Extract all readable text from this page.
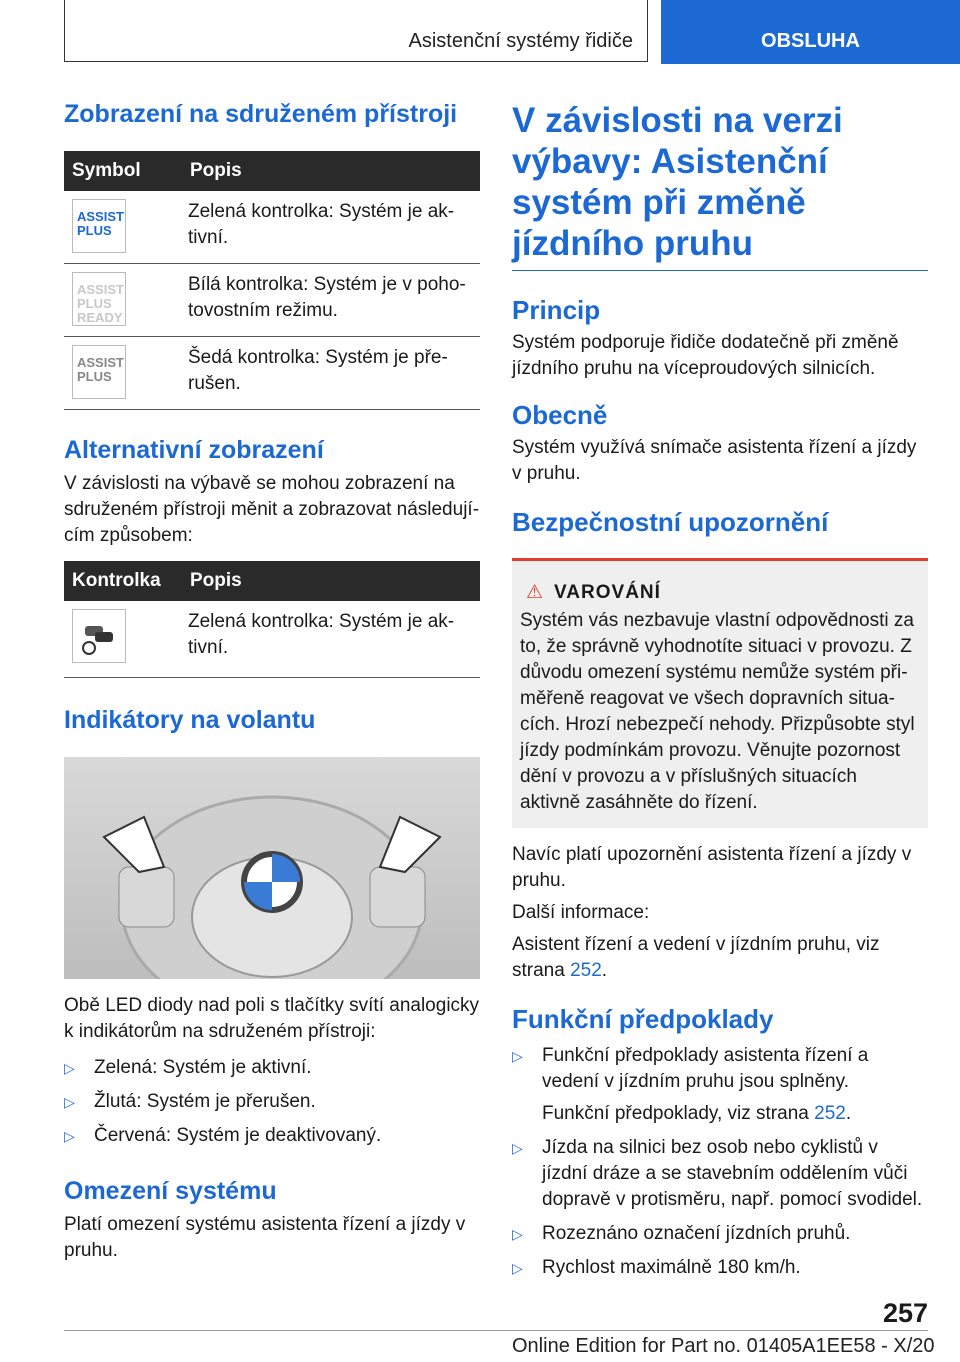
Asistenční systémy řidiče	OBSLUHA
Zobrazení na sdruženém přístroji
Symbol	Popis

ASSIST
PLUS	Zelená kontrolka: Systém je ak-tivní.

ASSIST
PLUS
READY	Bílá kontrolka: Systém je v poho-tovostním režimu.

ASSIST
PLUS	Šedá kontrolka: Systém je pře-rušen.
Alternativní zobrazení

V závislosti na výbavě se mohou zobrazení na sdruženém přístroji měnit a zobrazovat následují-cím způsobem:

Kontrolka	Popis

	Zelená kontrolka: Systém je ak-tivní.
Indikátory na volantu

Obě LED diody nad poli s tlačítky svítí analogicky k indikátorům na sdruženém přístroji:

▷	Zelená: Systém je aktivní.
▷	Žlutá: Systém je přerušen.
▷	Červená: Systém je deaktivovaný.
Omezení systému

Platí omezení systému asistenta řízení a jízdy v pruhu.

V závislosti na verzi výbavy: Asistenční systém při změně jízdního pruhu
Princip

Systém podporuje řidiče dodatečně při změně jízdního pruhu na víceproudových silnicích.

Obecně

Systém využívá snímače asistenta řízení a jízdy v pruhu.

Bezpečnostní upozornění
⚠ VAROVÁNÍ

Systém vás nezbavuje vlastní odpovědnosti za to, že správně vyhodnotíte situaci v provozu. Z důvodu omezení systému nemůže systém při-měřeně reagovat ve všech dopravních situa-cích. Hrozí nebezpečí nehody. Přizpůsobte styl jízdy podmínkám provozu. Věnujte pozornost dění v provozu a v příslušných situacích aktivně zasáhněte do řízení.

Navíc platí upozornění asistenta řízení a jízdy v pruhu.

Další informace:

Asistent řízení a vedení v jízdním pruhu, viz strana 252.

Funkční předpoklady
▷	Funkční předpoklady asistenta řízení a vedení v jízdním pruhu jsou splněny.
Funkční předpoklady, viz strana 252.
▷	Jízda na silnici bez osob nebo cyklistů v jízdní dráze a se stavebním oddělením vůči dopravě v protisměru, např. pomocí svodidel.
▷	Rozeznáno označení jízdních pruhů.
▷	Rychlost maximálně 180 km/h.
257
Online Edition for Part no. 01405A1EE58 - X/20
